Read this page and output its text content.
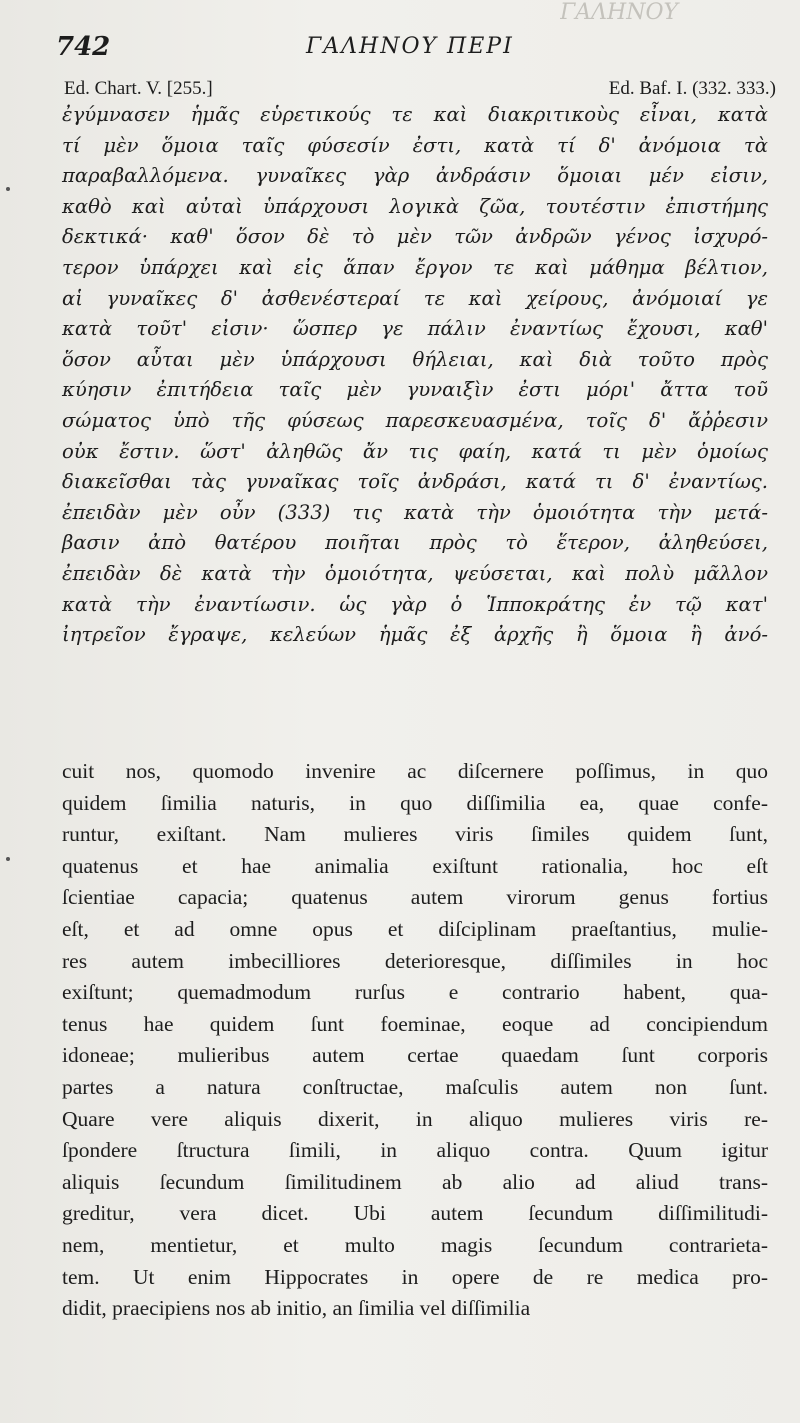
ΓΑΛΗΝΟΥ
742	ΓΑΛΗΝΟΥ ΠΕΡΙ
Ed. Chart. V. [255.]	Ed. Baf. I. (332. 333.)
ἐγύμνασεν ἡμᾶς εὑρετικούς τε καὶ διακριτικοὺς εἶναι, κατὰ
τί μὲν ὅμοια ταῖς φύσεσίν ἐστι, κατὰ τί δ' ἀνόμοια τὰ
παραβαλλόμενα. γυναῖκες γὰρ ἀνδράσιν ὅμοιαι μέν εἰσιν,
καθὸ καὶ αὐταὶ ὑπάρχουσι λογικὰ ζῶα, τουτέστιν ἐπιστήμης
δεκτικά· καθ' ὅσον δὲ τὸ μὲν τῶν ἀνδρῶν γένος ἰσχυρό-
τερον ὑπάρχει καὶ εἰς ἅπαν ἔργον τε καὶ μάθημα βέλτιον,
αἱ γυναῖκες δ' ἀσθενέστεραί τε καὶ χείρους, ἀνόμοιαί γε
κατὰ τοῦτ' εἰσιν· ὥσπερ γε πάλιν ἐναντίως ἔχουσι, καθ'
ὅσον αὗται μὲν ὑπάρχουσι θήλειαι, καὶ διὰ τοῦτο πρὸς
κύησιν ἐπιτήδεια ταῖς μὲν γυναιξὶν ἐστι μόρι' ἄττα τοῦ
σώματος ὑπὸ τῆς φύσεως παρεσκευασμένα, τοῖς δ' ἄῤῥεσιν
οὐκ ἔστιν. ὥστ' ἀληθῶς ἄν τις φαίη, κατά τι μὲν ὁμοίως
διακεῖσθαι τὰς γυναῖκας τοῖς ἀνδράσι, κατά τι δ' ἐναντίως.
ἐπειδὰν μὲν οὖν (333) τις κατὰ τὴν ὁμοιότητα τὴν μετά-
βασιν ἀπὸ θατέρου ποιῆται πρὸς τὸ ἕτερον, ἀληθεύσει,
ἐπειδὰν δὲ κατὰ τὴν ὁμοιότητα, ψεύσεται, καὶ πολὺ μᾶλλον
κατὰ τὴν ἐναντίωσιν. ὡς γὰρ ὁ Ἱπποκράτης ἐν τῷ κατ'
ἰητρεῖον ἔγραψε, κελεύων ἡμᾶς ἐξ ἀρχῆς ἢ ὅμοια ἢ ἀνό-
cuit nos, quomodo invenire ac diſcernere poſſimus, in quo
quidem ſimilia naturis, in quo diſſimilia ea, quae confe-
runtur, exiſtant. Nam mulieres viris ſimiles quidem ſunt,
quatenus et hae animalia exiſtunt rationalia, hoc eſt
ſcientiae capacia; quatenus autem virorum genus fortius
eſt, et ad omne opus et diſciplinam praeſtantius, mulie-
res autem imbecilliores deterioresque, diſſimiles in hoc
exiſtunt; quemadmodum rurſus e contrario habent, qua-
tenus hae quidem ſunt foeminae, eoque ad concipiendum
idoneae; mulieribus autem certae quaedam ſunt corporis
partes a natura conſtructae, maſculis autem non ſunt.
Quare vere aliquis dixerit, in aliquo mulieres viris re-
ſpondere ſtructura ſimili, in aliquo contra. Quum igitur
aliquis ſecundum ſimilitudinem ab alio ad aliud trans-
greditur, vera dicet. Ubi autem ſecundum diſſimilitudi-
nem, mentietur, et multo magis ſecundum contrarieta-
tem. Ut enim Hippocrates in opere de re medica pro-
didit, praecipiens nos ab initio, an ſimilia vel diſſimilia
